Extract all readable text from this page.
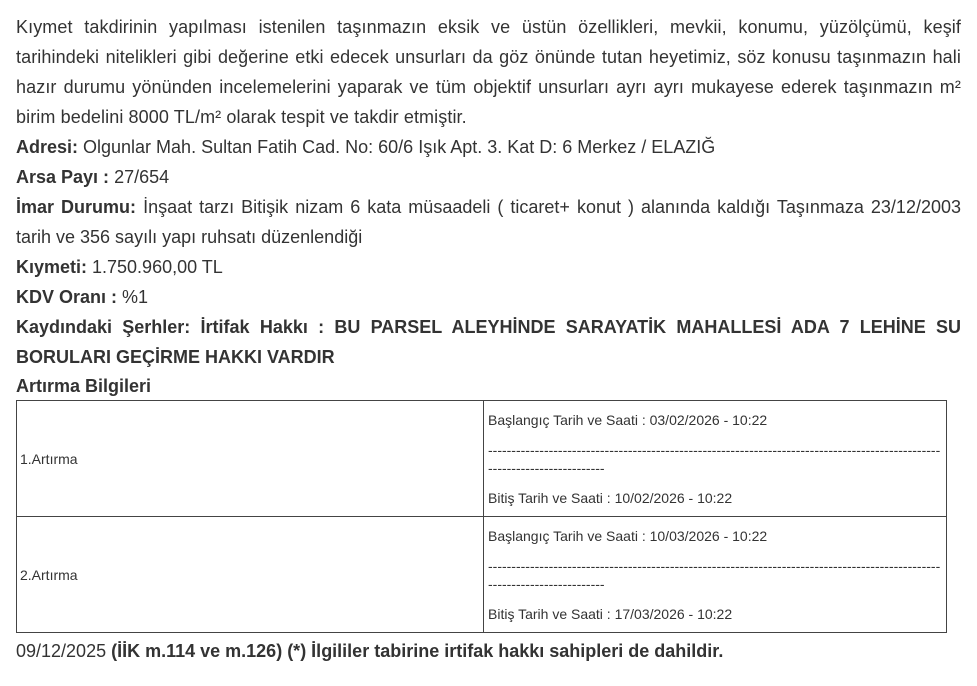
Kıymet takdirinin yapılması istenilen taşınmazın eksik ve üstün özellikleri, mevkii, konumu, yüzölçümü, keşif tarihindeki nitelikleri gibi değerine etki edecek unsurları da göz önünde tutan heyetimiz, söz konusu taşınmazın hali hazır durumu yönünden incelemelerini yaparak ve tüm objektif unsurları ayrı ayrı mukayese ederek taşınmazın m² birim bedelini 8000 TL/m² olarak tespit ve takdir etmiştir.

Adresi: Olgunlar Mah. Sultan Fatih Cad. No: 60/6 Işık Apt. 3. Kat D: 6 Merkez / ELAZIĞ

Arsa Payı : 27/654

İmar Durumu: İnşaat tarzı Bitişik nizam 6 kata müsaadeli ( ticaret+ konut ) alanında kaldığı Taşınmaza 23/12/2003 tarih ve 356 sayılı yapı ruhsatı düzenlendiği

Kıymeti: 1.750.960,00 TL

KDV Oranı : %1

Kaydındaki Şerhler: İrtifak Hakkı : BU PARSEL ALEYHİNDE SARAYATİK MAHALLESİ ADA 7 LEHİNE SU BORULARI GEÇİRME HAKKI VARDIR

Artırma Bilgileri

1.Artırma	Başlangıç Tarih ve Saati : 03/02/2026 - 10:22

--------------------------------------------------------------------------------------------------------------------------

Bitiş Tarih ve Saati : 10/02/2026 - 10:22

2.Artırma	Başlangıç Tarih ve Saati : 10/03/2026 - 10:22

--------------------------------------------------------------------------------------------------------------------------

Bitiş Tarih ve Saati : 17/03/2026 - 10:22

09/12/2025 (İİK m.114 ve m.126) (*) İlgililer tabirine irtifak hakkı sahipleri de dahildir.
